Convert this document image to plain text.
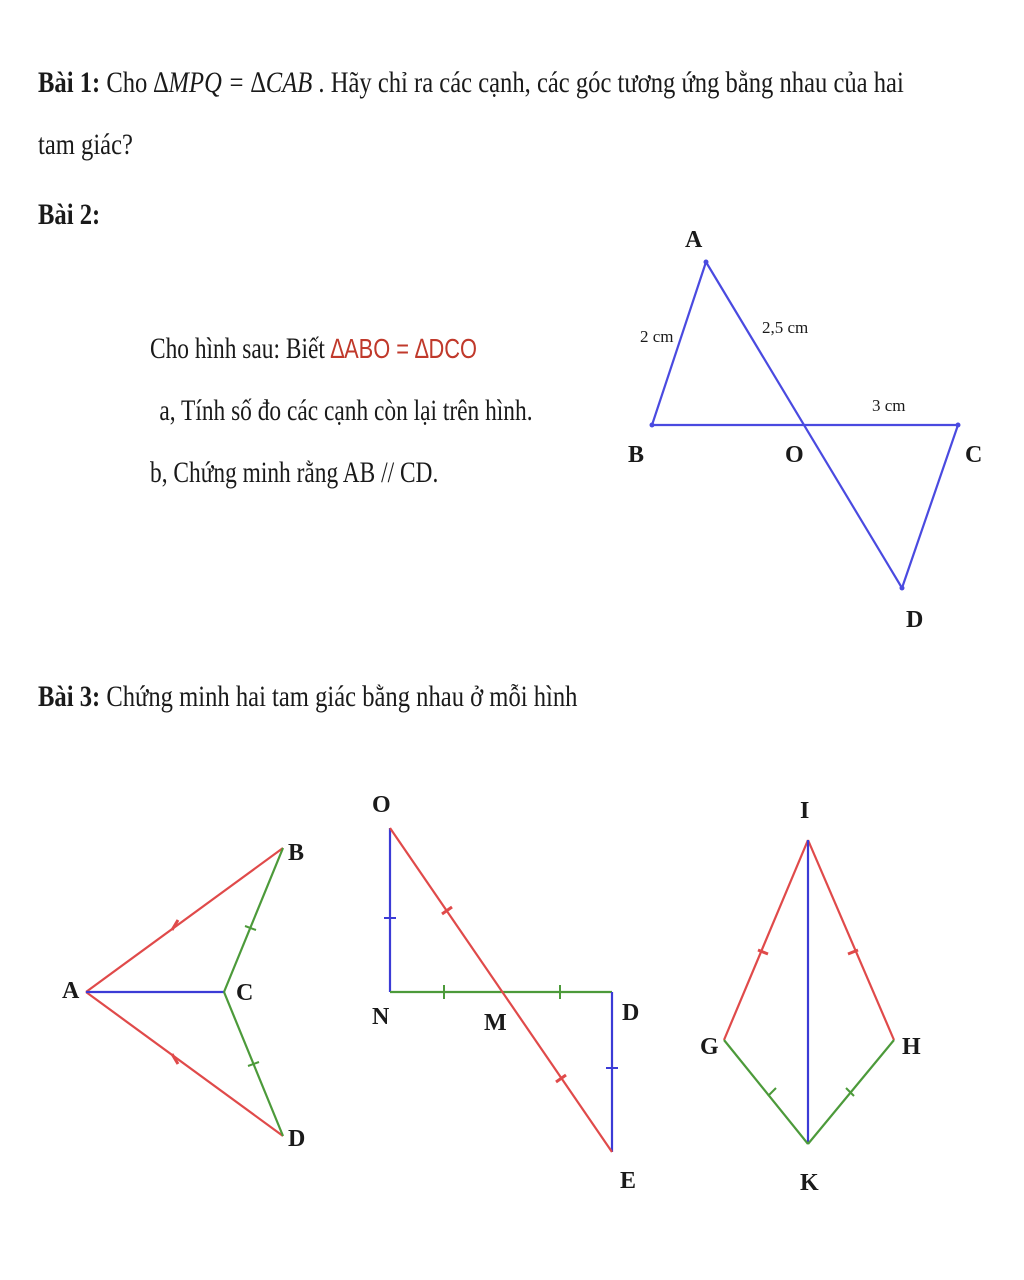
Bài 1: Cho ∆MPQ = ∆CAB . Hãy chỉ ra các cạnh, các góc tương ứng bằng nhau của hai
tam giác?
Bài 2:
Cho hình sau: Biết ∆ABO = ∆DCO
a, Tính số đo các cạnh còn lại trên hình.
b, Chứng minh rằng AB // CD.
Bài 3: Chứng minh hai tam giác bằng nhau ở mỗi hình
A
B	O	C
D
2 cm	2,5 cm
3 cm
A
B
C
D
O
N	M	D
E
I
G	H
K
